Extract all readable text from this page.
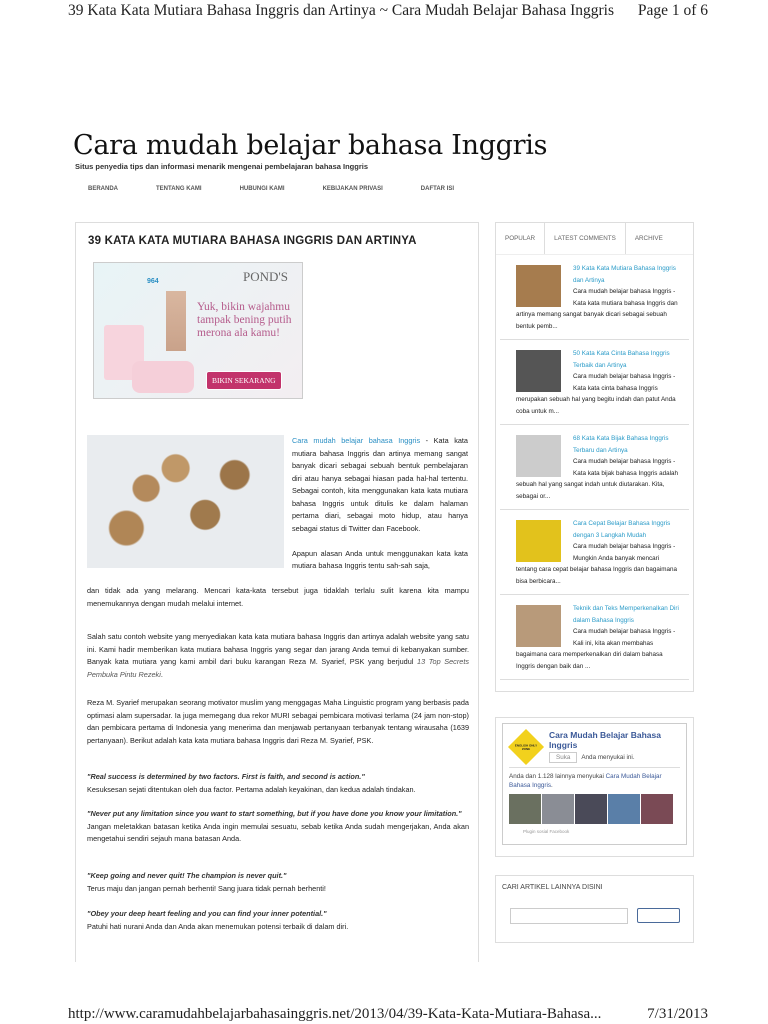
39 Kata Kata Mutiara Bahasa Inggris dan Artinya ~ Cara Mudah Belajar Bahasa Inggris Page 1 of 6
Cara mudah belajar bahasa Inggris
Situs penyedia tips dan informasi menarik mengenai pembelajaran bahasa Inggris
BERANDA	TENTANG KAMI	HUBUNGI KAMI	KEBIJAKAN PRIVASI	DAFTAR ISI
39 KATA KATA MUTIARA BAHASA INGGRIS DAN ARTINYA
POND'S
964
Yuk, bikin wajahmu tampak bening putih merona ala kamu!
BIKIN SEKARANG
Cara mudah belajar bahasa Inggris - Kata kata mutiara bahasa Inggris dan artinya memang sangat banyak dicari sebagai sebuah bentuk pembelajaran diri atau hanya sebagai hiasan pada hal-hal tertentu. Sebagai contoh, kita menggunakan kata kata mutiara bahasa Inggris untuk ditulis ke dalam halaman pertama diari, sebagai moto hidup, atau hanya sebagai status di Twitter dan Facebook.

Apapun alasan Anda untuk menggunakan kata kata mutiara bahasa Inggris tentu sah-sah saja,
dan tidak ada yang melarang. Mencari kata-kata tersebut juga tidaklah terlalu sulit karena kita mampu menemukannya dengan mudah melalui internet.
Salah satu contoh website yang menyediakan kata kata mutiara bahasa Inggris dan artinya adalah website yang satu ini. Kami hadir memberikan kata mutiara bahasa Inggris yang segar dan jarang Anda temui di kebanyakan sumber. Banyak kata mutiara yang kami ambil dari buku karangan Reza M. Syarief, PSK yang berjudul 13 Top Secrets Pembuka Pintu Rezeki.
Reza M. Syarief merupakan seorang motivator muslim yang menggagas Maha Linguistic program yang berbasis pada optimasi alam supersadar. Ia juga memegang dua rekor MURI sebagai pembicara motivasi terlama (24 jam non-stop) dan pembicara pertama di Indonesia yang menerima dan menjawab pertanyaan terbanyak tentang wirausaha (1639 pertanyaan). Berikut adalah kata kata mutiara bahasa Inggris dari Reza M. Syarief, PSK.
"Real success is determined by two factors. First is faith, and second is action."
Kesuksesan sejati ditentukan oleh dua factor. Pertama adalah keyakinan, dan kedua adalah tindakan.
"Never put any limitation since you want to start something, but if you have done you know your limitation."
Jangan meletakkan batasan ketika Anda ingin memulai sesuatu, sebab ketika Anda sudah mengerjakan, Anda akan mengetahui sendiri sejauh mana batasan Anda.
"Keep going and never quit! The champion is never quit."
Terus maju dan jangan pernah berhenti! Sang juara tidak pernah berhenti!
"Obey your deep heart feeling and you can find your inner potential."
Patuhi hati nurani Anda dan Anda akan menemukan potensi terbaik di dalam diri.
POPULAR	LATEST COMMENTS	ARCHIVE
39 Kata Kata Mutiara Bahasa Inggris dan Artinya
Cara mudah belajar bahasa Inggris - Kata kata mutiara bahasa Inggris dan artinya memang sangat banyak dicari sebagai sebuah bentuk pemb...
50 Kata Kata Cinta Bahasa Inggris Terbaik dan Artinya
Cara mudah belajar bahasa Inggris - Kata kata cinta bahasa Inggris merupakan sebuah hal yang begitu indah dan patut Anda coba untuk m...
68 Kata Kata Bijak Bahasa Inggris Terbaru dan Artinya
Cara mudah belajar bahasa Inggris - Kata kata bijak bahasa Inggris adalah sebuah hal yang sangat indah untuk diutarakan. Kita, sebagai or...
Cara Cepat Belajar Bahasa Inggris dengan 3 Langkah Mudah
Cara mudah belajar bahasa Inggris - Mungkin Anda banyak mencari tentang cara cepat belajar bahasa Inggris dan bagaimana bisa berbicara...
Teknik dan Teks Memperkenalkan Diri dalam Bahasa Inggris
Cara mudah belajar bahasa Inggris - Kali ini, kita akan membahas bagaimana cara memperkenalkan diri dalam bahasa Inggris dengan baik dan ...
ENGLISH ONLY ZONE
Cara Mudah Belajar Bahasa Inggris
Suka Anda menyukai ini.
Anda dan 1.128 lainnya menyukai Cara Mudah Belajar Bahasa Inggris.
Plugin sosial Facebook
CARI ARTIKEL LAINNYA DISINI
http://www.caramudahbelajarbahasainggris.net/2013/04/39-Kata-Kata-Mutiara-Bahasa...	7/31/2013
